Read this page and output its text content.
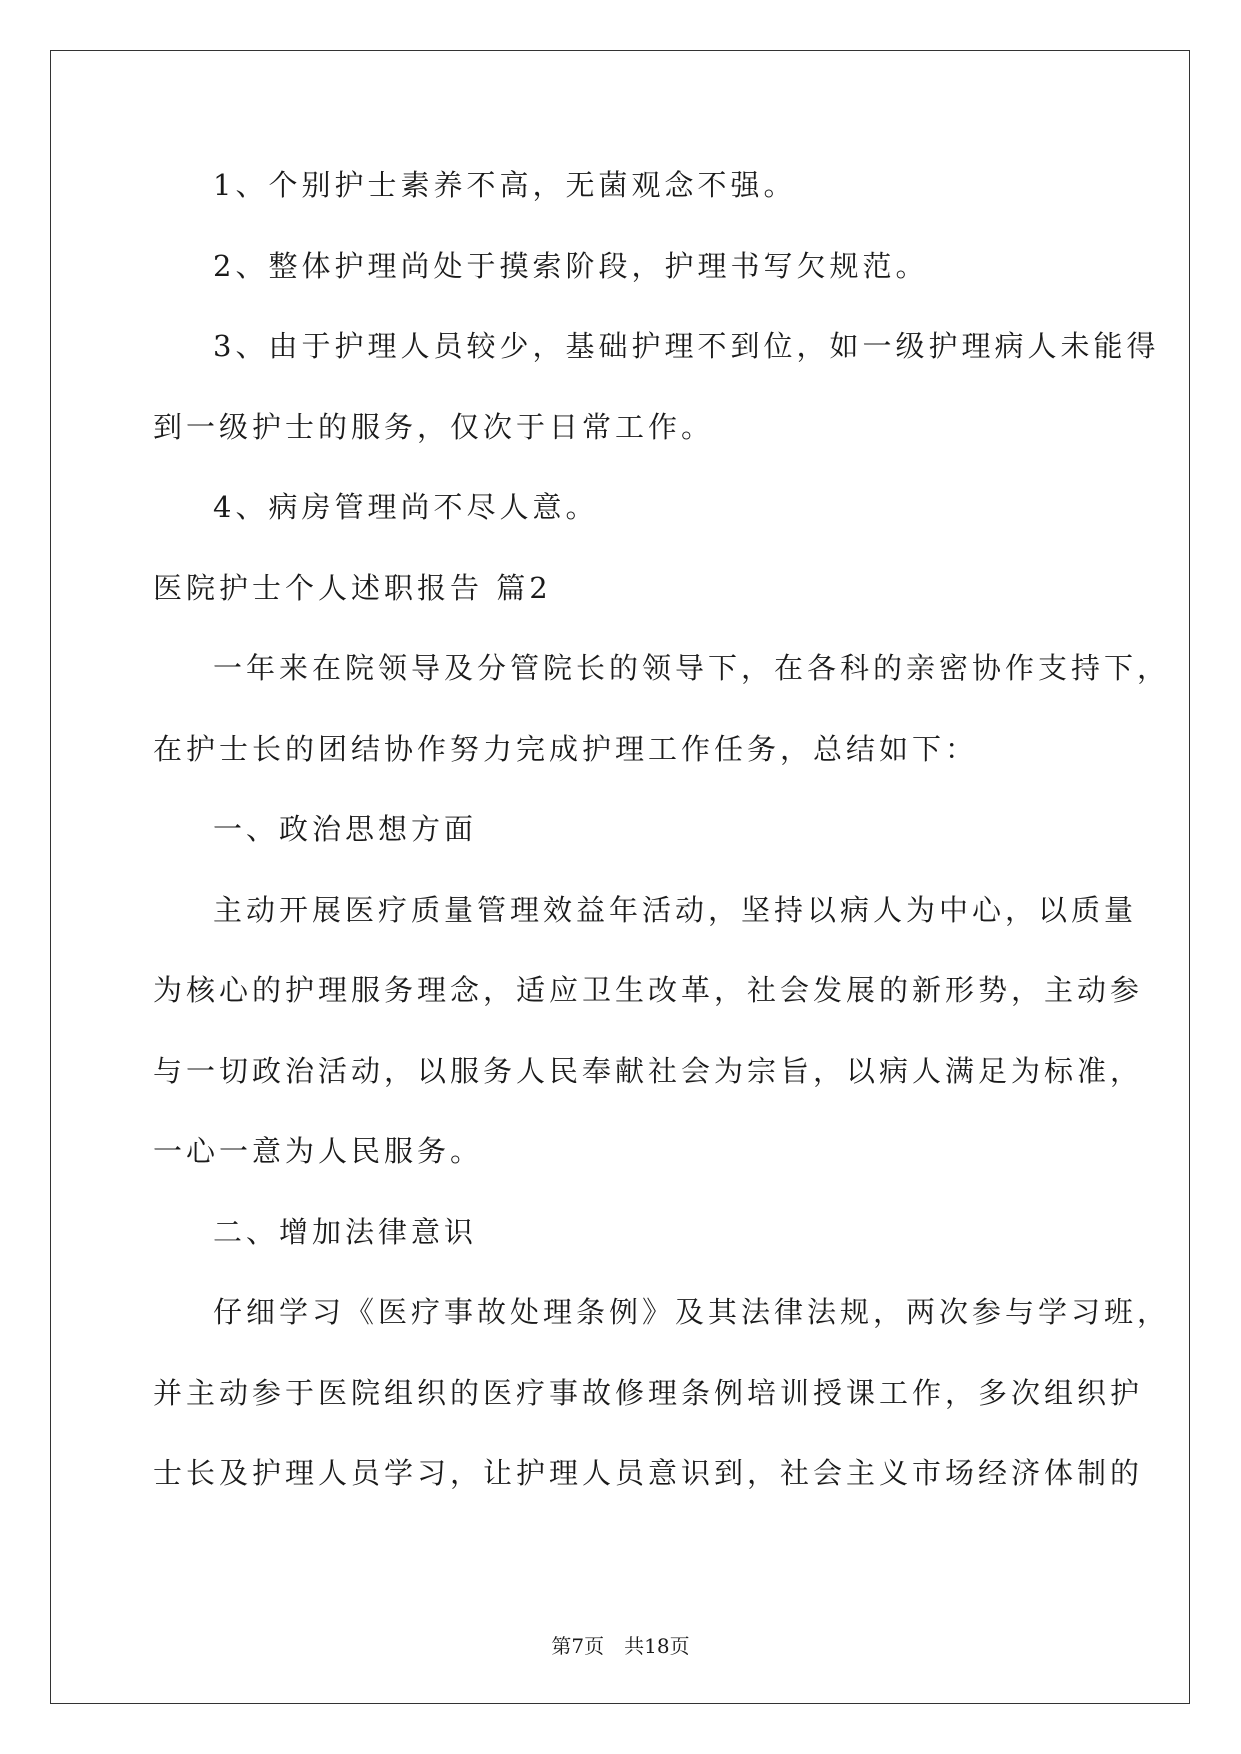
1、个别护士素养不高，无菌观念不强。
2、整体护理尚处于摸索阶段，护理书写欠规范。
3、由于护理人员较少，基础护理不到位，如一级护理病人未能得
到一级护士的服务，仅次于日常工作。
4、病房管理尚不尽人意。
医院护士个人述职报告 篇2
一年来在院领导及分管院长的领导下，在各科的亲密协作支持下，
在护士长的团结协作努力完成护理工作任务，总结如下：
一、政治思想方面
主动开展医疗质量管理效益年活动，坚持以病人为中心，以质量
为核心的护理服务理念，适应卫生改革，社会发展的新形势，主动参
与一切政治活动，以服务人民奉献社会为宗旨，以病人满足为标准，
一心一意为人民服务。
二、增加法律意识
仔细学习《医疗事故处理条例》及其法律法规，两次参与学习班，
并主动参于医院组织的医疗事故修理条例培训授课工作，多次组织护
士长及护理人员学习，让护理人员意识到，社会主义市场经济体制的
第7页　共18页
